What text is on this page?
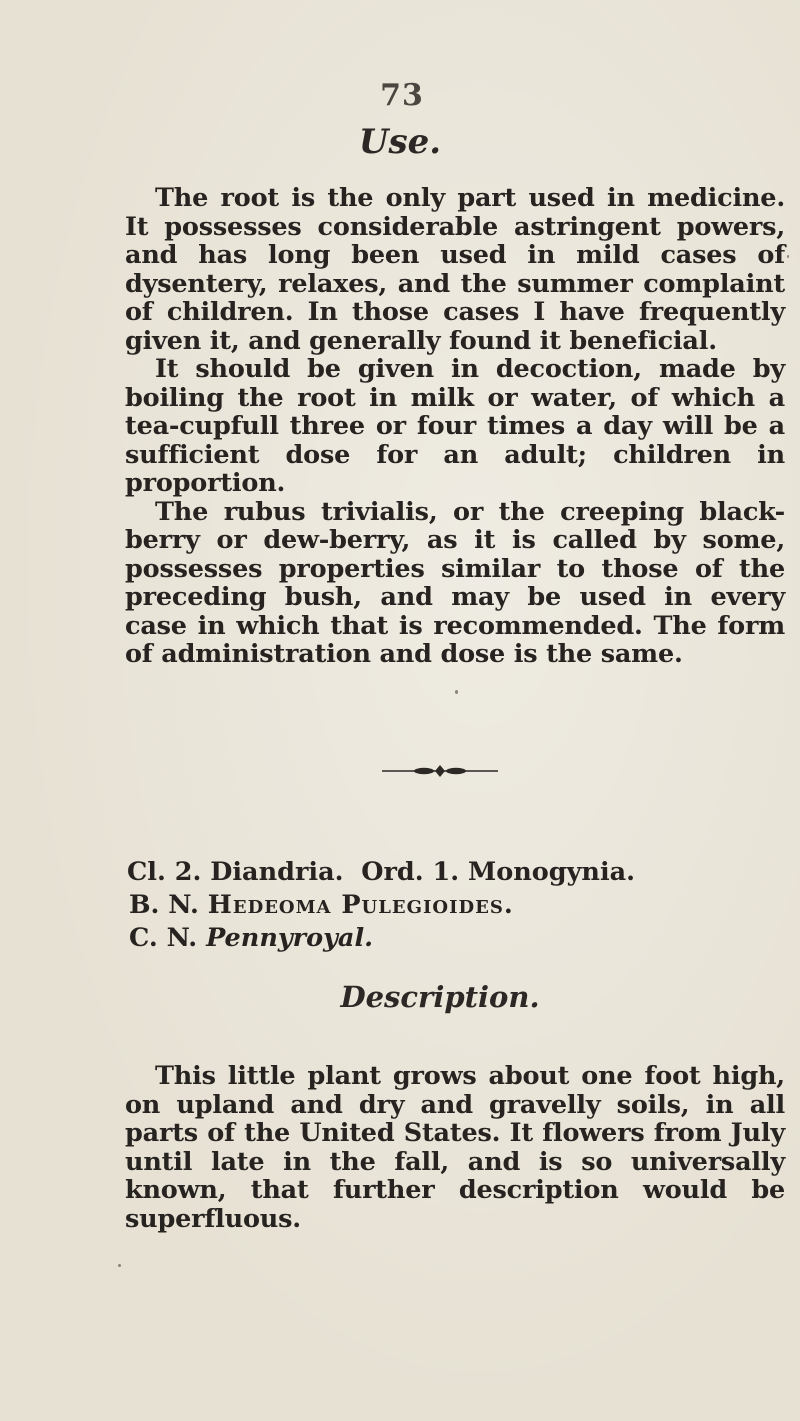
73
Use.

The root is the only part used in medicine. It possesses considerable astringent powers, and has long been used in mild cases of dysentery, relaxes, and the summer complaint of children. In those cases I have frequently given it, and generally found it beneficial.

It should be given in decoction, made by boiling the root in milk or water, of which a tea-cupfull three or four times a day will be a sufficient dose for an adult; children in proportion.

The rubus trivialis, or the creeping black-berry or dew-berry, as it is called by some, possesses properties similar to those of the preceding bush, and may be used in every case in which that is recommended. The form of administration and dose is the same.

Cl. 2. Diandria. Ord. 1. Monogynia.
B. N. Hedeoma Pulegioides.
C. N. Pennyroyal.
Description.

This little plant grows about one foot high, on upland and dry and gravelly soils, in all parts of the United States. It flowers from July until late in the fall, and is so universally known, that further description would be superfluous.
